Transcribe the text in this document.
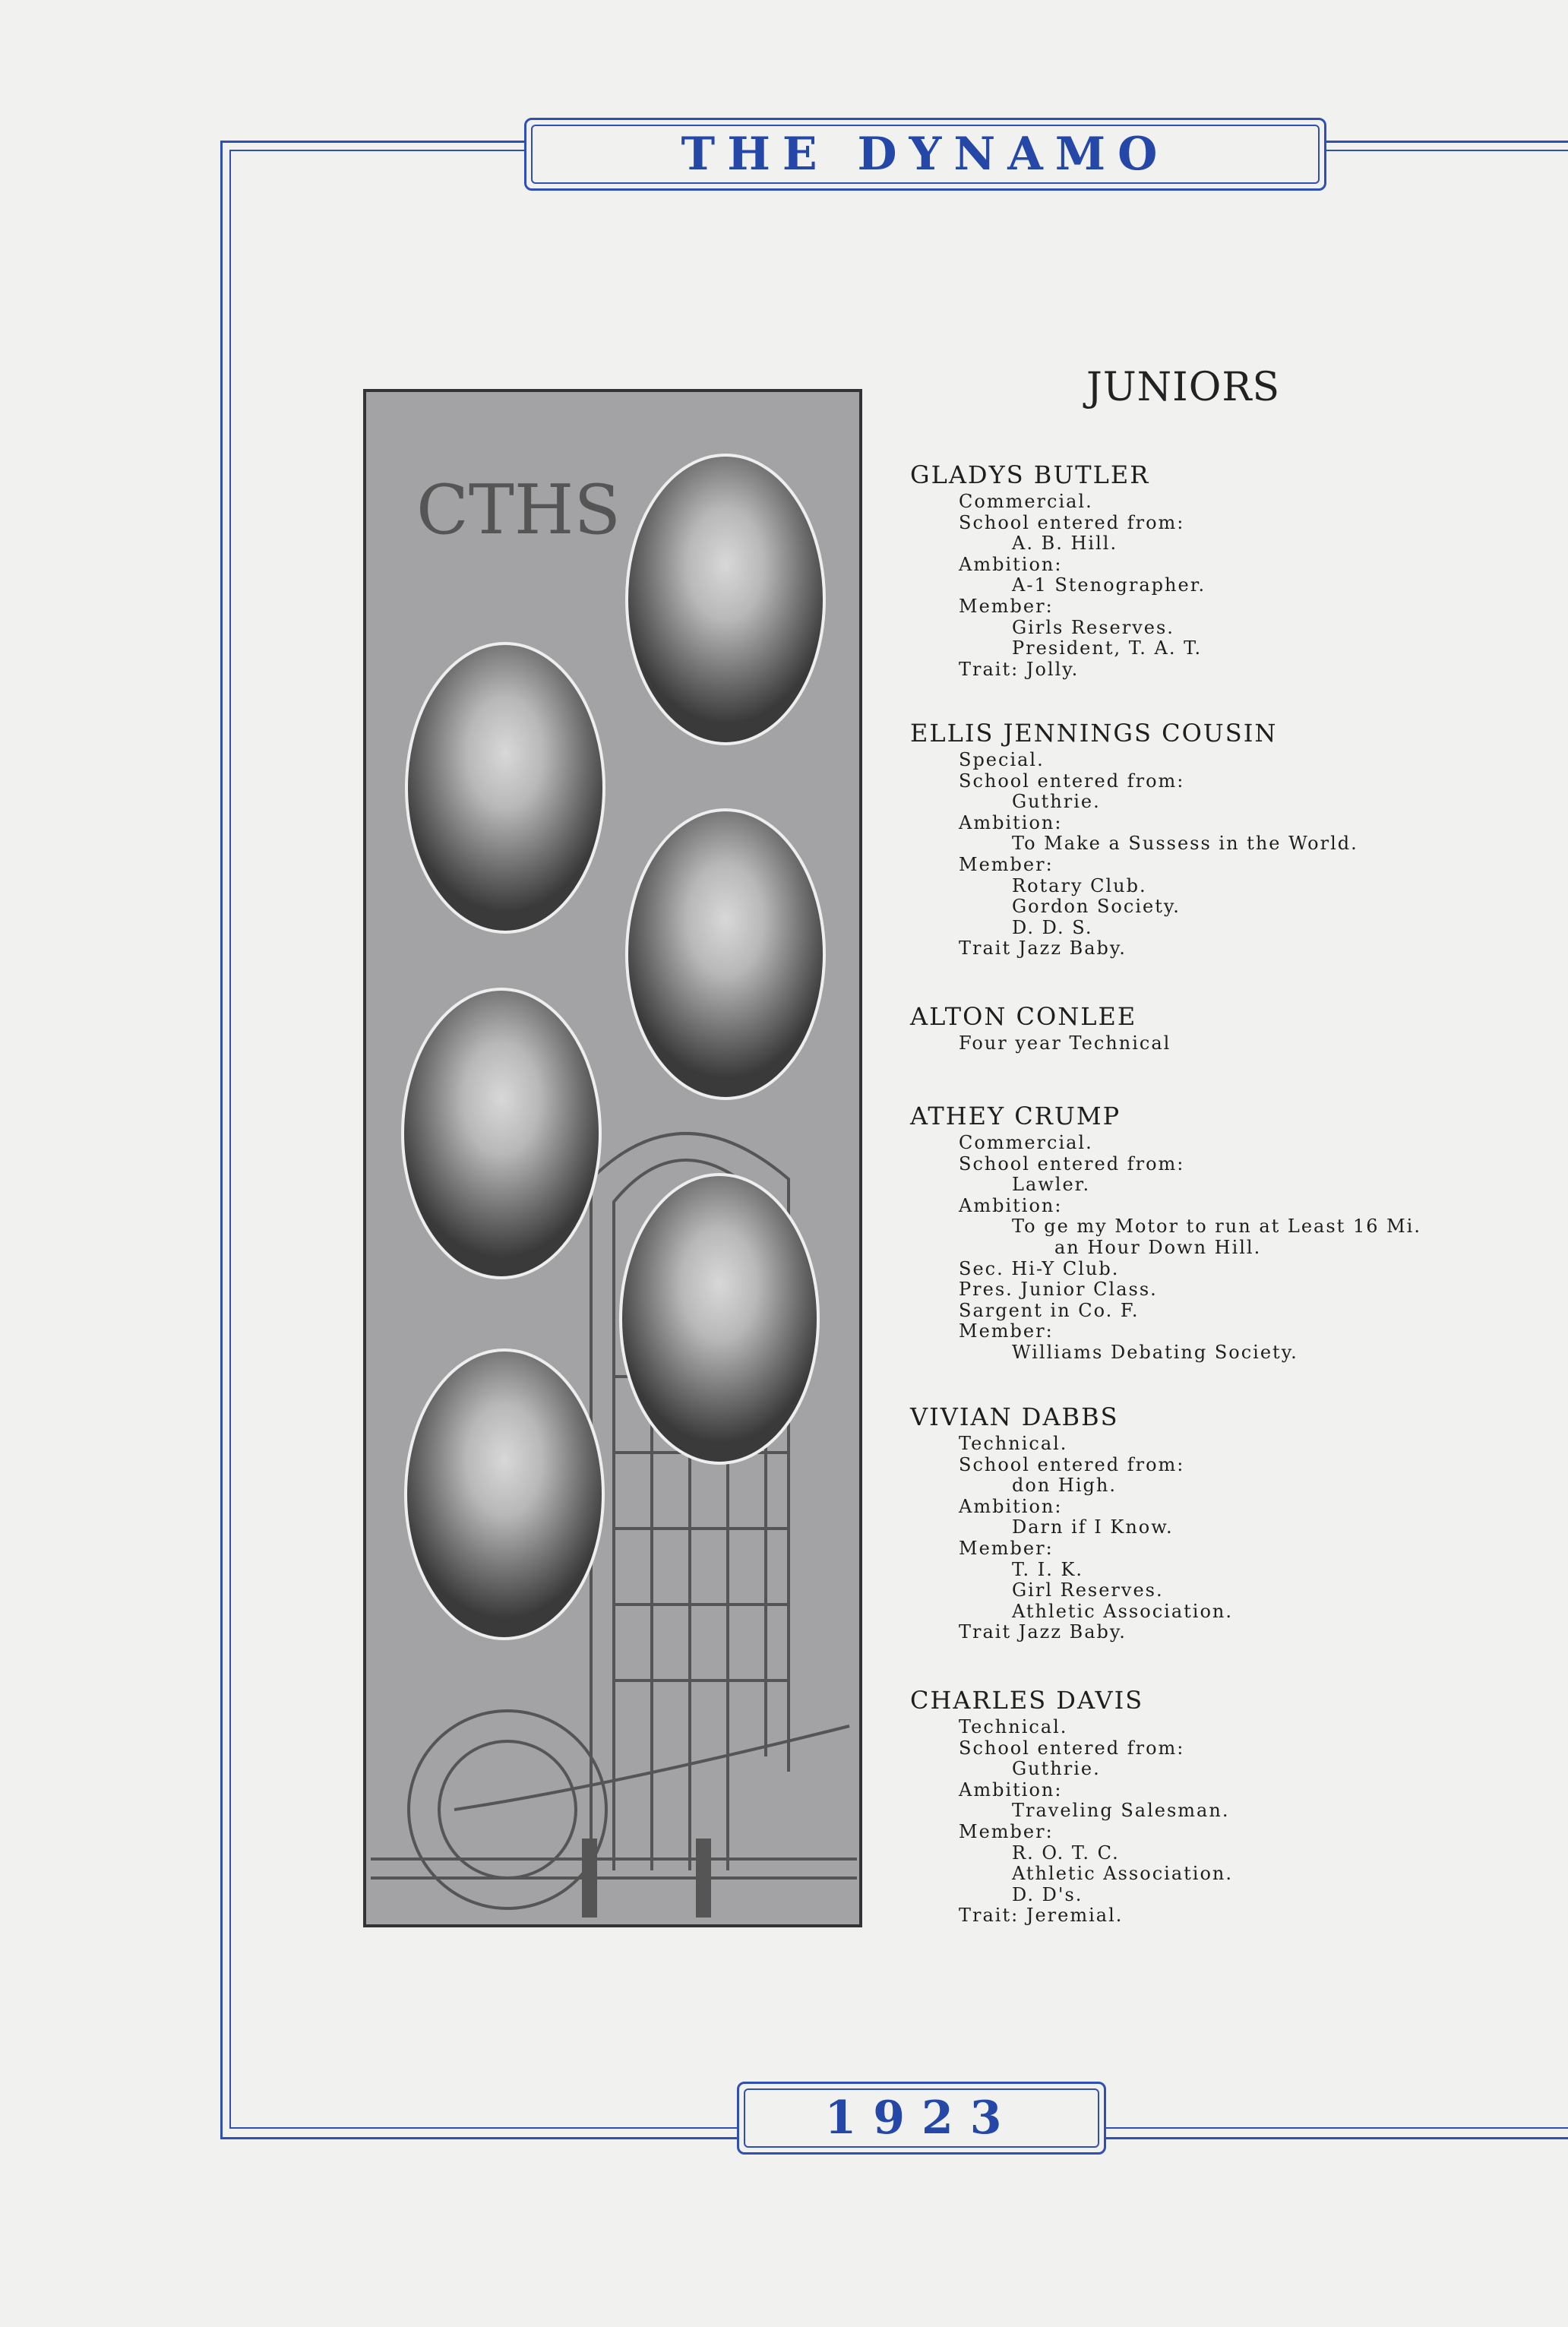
THE DYNAMO
CTHS
JUNIORS
GLADYS BUTLER
Commercial.
School entered from:
A. B. Hill.
Ambition:
A-1 Stenographer.
Member:
Girls Reserves.
President, T. A. T.
Trait: Jolly.
ELLIS JENNINGS COUSIN
Special.
School entered from:
Guthrie.
Ambition:
To Make a Sussess in the World.
Member:
Rotary Club.
Gordon Society.
D. D. S.
Trait Jazz Baby.
ALTON CONLEE
Four year Technical
ATHEY CRUMP
Commercial.
School entered from:
Lawler.
Ambition:
To ge my Motor to run at Least 16 Mi.
an Hour Down Hill.
Sec. Hi-Y Club.
Pres. Junior Class.
Sargent in Co. F.
Member:
Williams Debating Society.
VIVIAN DABBS
Technical.
School entered from:
don High.
Ambition:
Darn if I Know.
Member:
T. I. K.
Girl Reserves.
Athletic Association.
Trait Jazz Baby.
CHARLES DAVIS
Technical.
School entered from:
Guthrie.
Ambition:
Traveling Salesman.
Member:
R. O. T. C.
Athletic Association.
D. D's.
Trait: Jeremial.
1923
